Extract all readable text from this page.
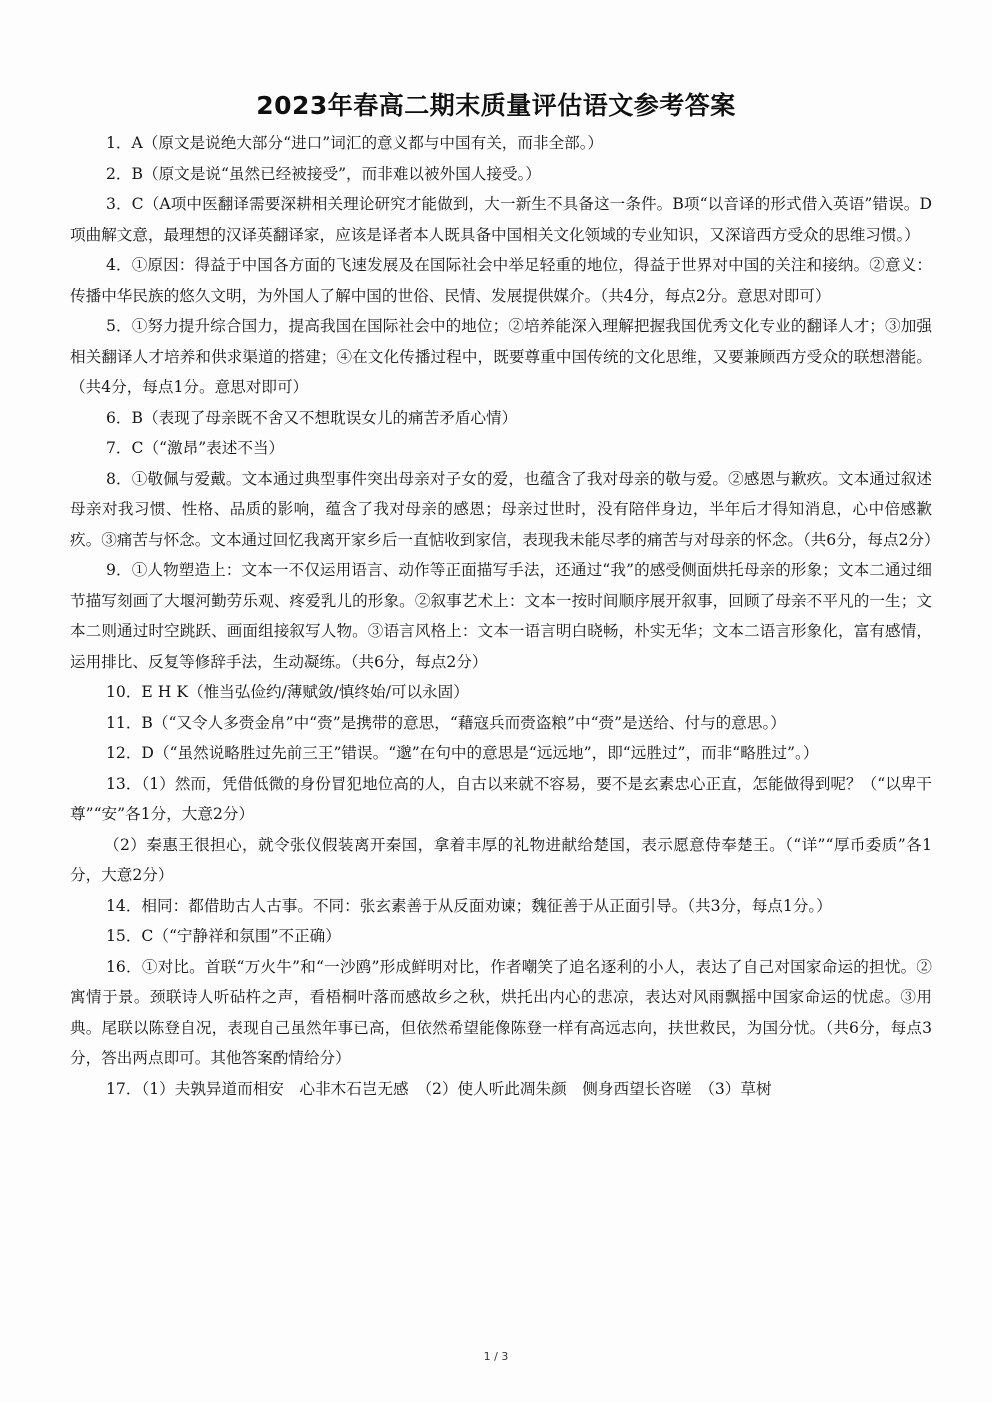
2023年春高二期末质量评估语文参考答案

1．A（原文是说绝大部分“进口”词汇的意义都与中国有关，而非全部。）

2．B（原文是说“虽然已经被接受”，而非难以被外国人接受。）

3．C（A项中医翻译需要深耕相关理论研究才能做到，大一新生不具备这一条件。B项“以音译的形式借入英语”错误。D项曲解文意，最理想的汉译英翻译家，应该是译者本人既具备中国相关文化领域的专业知识，又深谙西方受众的思维习惯。）

4．①原因：得益于中国各方面的飞速发展及在国际社会中举足轻重的地位，得益于世界对中国的关注和接纳。②意义：传播中华民族的悠久文明，为外国人了解中国的世俗、民情、发展提供媒介。（共4分，每点2分。意思对即可）

5．①努力提升综合国力，提高我国在国际社会中的地位；②培养能深入理解把握我国优秀文化专业的翻译人才；③加强相关翻译人才培养和供求渠道的搭建；④在文化传播过程中，既要尊重中国传统的文化思维，又要兼顾西方受众的联想潜能。（共4分，每点1分。意思对即可）

6．B（表现了母亲既不舍又不想耽误女儿的痛苦矛盾心情）

7．C（“激昂”表述不当）

8．①敬佩与爱戴。文本通过典型事件突出母亲对子女的爱，也蕴含了我对母亲的敬与爱。②感恩与歉疚。文本通过叙述母亲对我习惯、性格、品质的影响，蕴含了我对母亲的感恩；母亲过世时，没有陪伴身边，半年后才得知消息，心中倍感歉疚。③痛苦与怀念。文本通过回忆我离开家乡后一直惦收到家信，表现我未能尽孝的痛苦与对母亲的怀念。（共6分，每点2分）

9．①人物塑造上：文本一不仅运用语言、动作等正面描写手法，还通过“我”的感受侧面烘托母亲的形象；文本二通过细节描写刻画了大堰河勤劳乐观、疼爱乳儿的形象。②叙事艺术上：文本一按时间顺序展开叙事，回顾了母亲不平凡的一生；文本二则通过时空跳跃、画面组接叙写人物。③语言风格上：文本一语言明白晓畅，朴实无华；文本二语言形象化，富有感情，运用排比、反复等修辞手法，生动凝练。（共6分，每点2分）

10．E H K（惟当弘俭约/薄赋敛/慎终始/可以永固）

11．B（“又令人多赍金帛”中“赍”是携带的意思，“藉寇兵而赍盗粮”中“赍”是送给、付与的意思。）

12．D（“虽然说略胜过先前三王”错误。“邈”在句中的意思是“远远地”，即“远胜过”，而非“略胜过”。）

13．（1）然而，凭借低微的身份冒犯地位高的人，自古以来就不容易，要不是玄素忠心正直，怎能做得到呢？（“以卑干尊”“安”各1分，大意2分）

（2）秦惠王很担心，就令张仪假装离开秦国，拿着丰厚的礼物进献给楚国，表示愿意侍奉楚王。（“详”“厚币委质”各1分，大意2分）

14．相同：都借助古人古事。不同：张玄素善于从反面劝谏；魏征善于从正面引导。（共3分，每点1分。）

15．C（“宁静祥和氛围”不正确）

16．①对比。首联“万火牛”和“一沙鸥”形成鲜明对比，作者嘲笑了追名逐利的小人，表达了自己对国家命运的担忧。②寓情于景。颈联诗人听砧杵之声，看梧桐叶落而感故乡之秋，烘托出内心的悲凉，表达对风雨飘摇中国家命运的忧虑。③用典。尾联以陈登自况，表现自己虽然年事已高，但依然希望能像陈登一样有高远志向，扶世救民，为国分忧。（共6分，每点3分，答出两点即可。其他答案酌情给分）

17．（1）夫孰异道而相安　心非木石岂无感　（2）使人听此凋朱颜　侧身西望长咨嗟　（3）草树

1 / 3
